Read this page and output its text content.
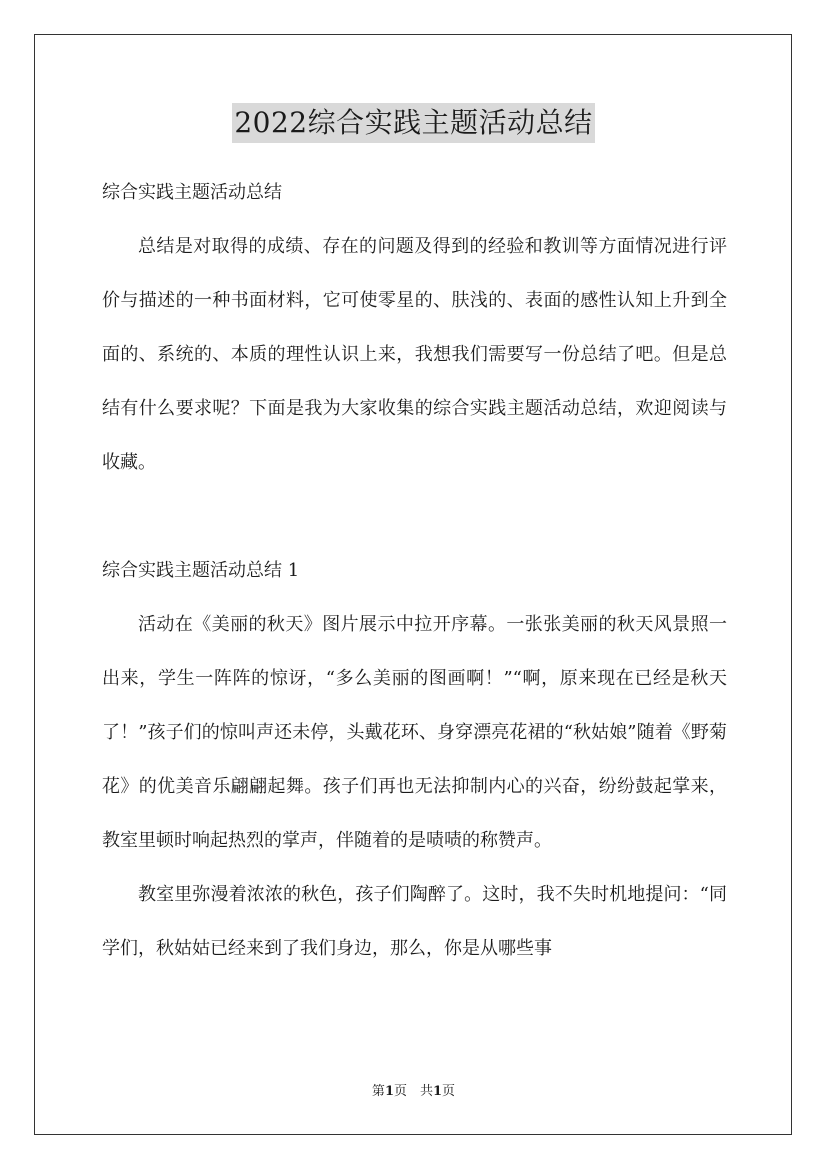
2022综合实践主题活动总结

综合实践主题活动总结

总结是对取得的成绩、存在的问题及得到的经验和教训等方面情况进行评价与描述的一种书面材料，它可使零星的、肤浅的、表面的感性认知上升到全面的、系统的、本质的理性认识上来，我想我们需要写一份总结了吧。但是总结有什么要求呢？下面是我为大家收集的综合实践主题活动总结，欢迎阅读与收藏。

综合实践主题活动总结 1

活动在《美丽的秋天》图片展示中拉开序幕。一张张美丽的秋天风景照一出来，学生一阵阵的惊讶，“多么美丽的图画啊！”“啊，原来现在已经是秋天了！”孩子们的惊叫声还未停，头戴花环、身穿漂亮花裙的“秋姑娘”随着《野菊花》的优美音乐翩翩起舞。孩子们再也无法抑制内心的兴奋，纷纷鼓起掌来，教室里顿时响起热烈的掌声，伴随着的是啧啧的称赞声。

教室里弥漫着浓浓的秋色，孩子们陶醉了。这时，我不失时机地提问：“同学们，秋姑姑已经来到了我们身边，那么，你是从哪些事

第1页　共1页
